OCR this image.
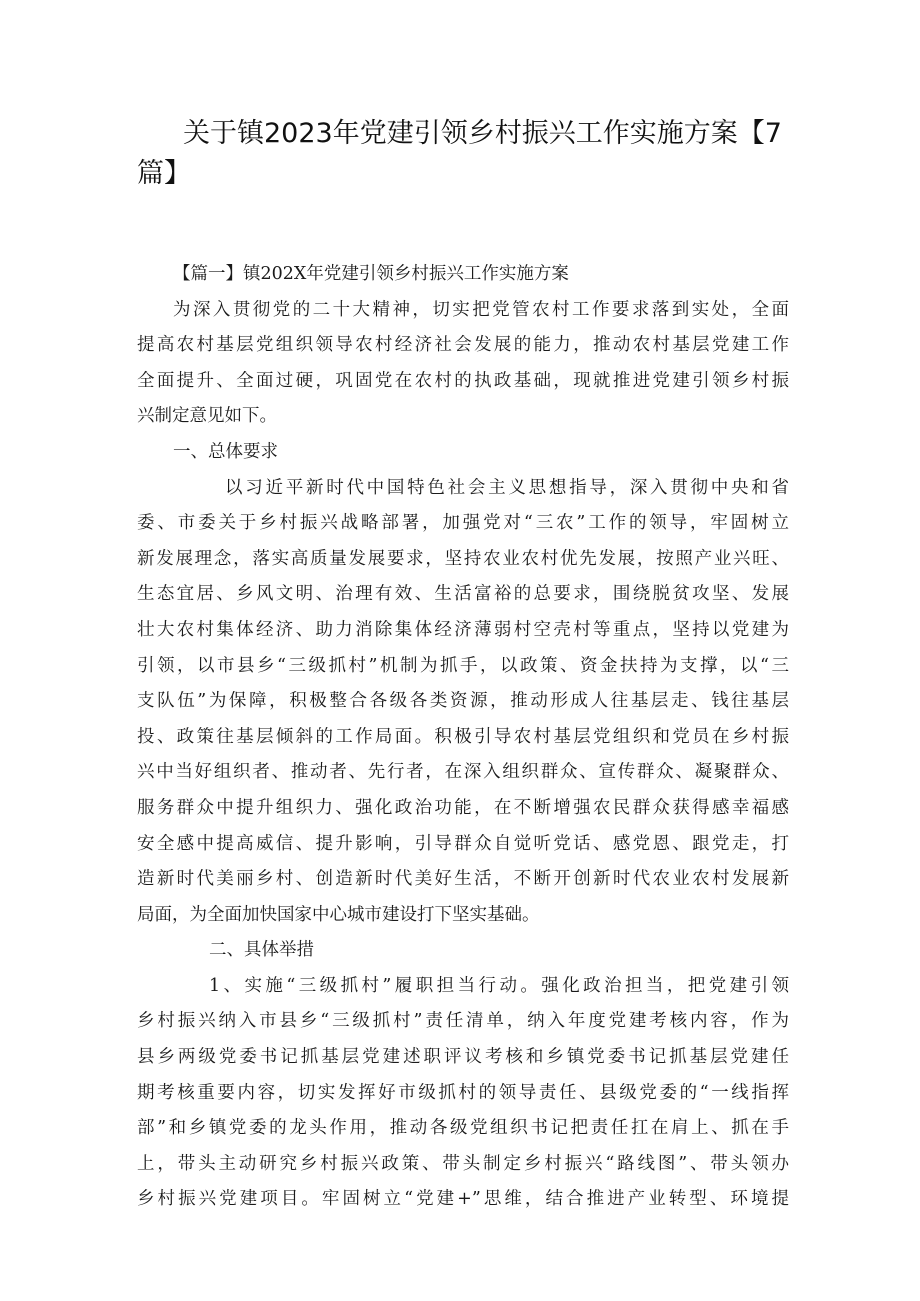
关于镇2023年党建引领乡村振兴工作实施方案【7篇】
【篇一】镇202X年党建引领乡村振兴工作实施方案
为深入贯彻党的二十大精神，切实把党管农村工作要求落到实处，全面
提高农村基层党组织领导农村经济社会发展的能力，推动农村基层党建工作
全面提升、全面过硬，巩固党在农村的执政基础，现就推进党建引领乡村振
兴制定意见如下。
一、总体要求
以习近平新时代中国特色社会主义思想指导，深入贯彻中央和省
委、市委关于乡村振兴战略部署，加强党对“三农”工作的领导，牢固树立
新发展理念，落实高质量发展要求，坚持农业农村优先发展，按照产业兴旺、
生态宜居、乡风文明、治理有效、生活富裕的总要求，围绕脱贫攻坚、发展
壮大农村集体经济、助力消除集体经济薄弱村空壳村等重点，坚持以党建为
引领，以市县乡“三级抓村”机制为抓手，以政策、资金扶持为支撑，以“三
支队伍”为保障，积极整合各级各类资源，推动形成人往基层走、钱往基层
投、政策往基层倾斜的工作局面。积极引导农村基层党组织和党员在乡村振
兴中当好组织者、推动者、先行者，在深入组织群众、宣传群众、凝聚群众、
服务群众中提升组织力、强化政治功能，在不断增强农民群众获得感幸福感
安全感中提高威信、提升影响，引导群众自觉听党话、感党恩、跟党走，打
造新时代美丽乡村、创造新时代美好生活，不断开创新时代农业农村发展新
局面，为全面加快国家中心城市建设打下坚实基础。
二、具体举措
1、实施“三级抓村”履职担当行动。强化政治担当，把党建引领
乡村振兴纳入市县乡“三级抓村”责任清单，纳入年度党建考核内容，作为
县乡两级党委书记抓基层党建述职评议考核和乡镇党委书记抓基层党建任
期考核重要内容，切实发挥好市级抓村的领导责任、县级党委的“一线指挥
部”和乡镇党委的龙头作用，推动各级党组织书记把责任扛在肩上、抓在手
上，带头主动研究乡村振兴政策、带头制定乡村振兴“路线图”、带头领办
乡村振兴党建项目。牢固树立“党建+”思维，结合推进产业转型、环境提
